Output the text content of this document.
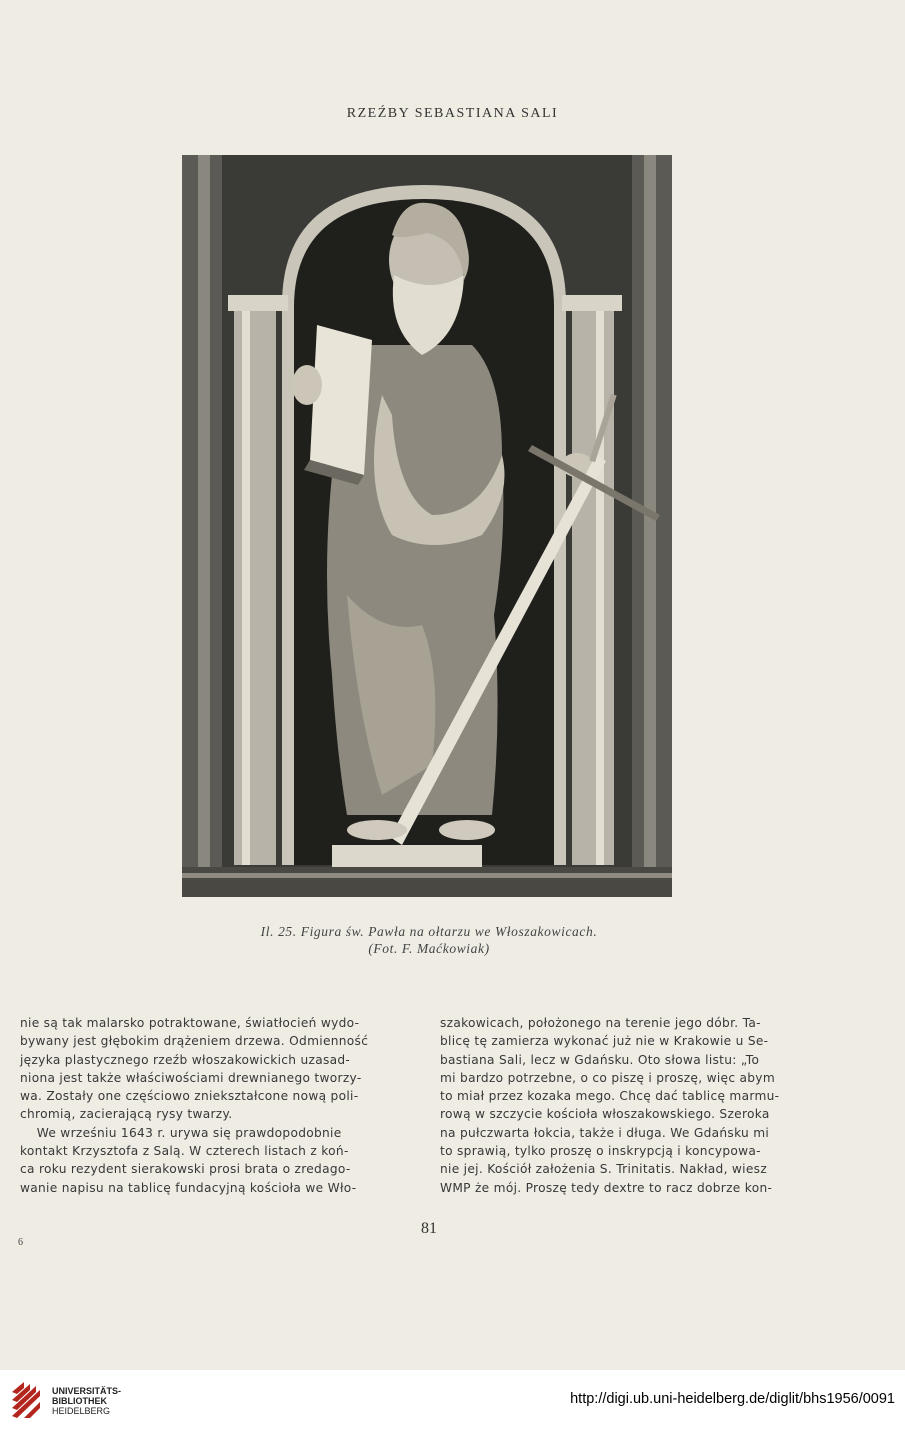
RZEŹBY SEBASTIANA SALI
Il. 25. Figura św. Pawła na ołtarzu we Włoszakowicach.
(Fot. F. Maćkowiak)
nie są tak malarsko potraktowane, światłocień wydo-
bywany jest głębokim drążeniem drzewa. Odmienność
języka plastycznego rzeźb włoszakowickich uzasad-
niona jest także właściwościami drewnianego tworzy-
wa. Zostały one częściowo zniekształcone nową poli-
chromią, zacierającą rysy twarzy.
We wrześniu 1643 r. urywa się prawdopodobnie
kontakt Krzysztofa z Salą. W czterech listach z koń-
ca roku rezydent sierakowski prosi brata o zredago-
wanie napisu na tablicę fundacyjną kościoła we Wło-
szakowicach, położonego na terenie jego dóbr. Ta-
blicę tę zamierza wykonać już nie w Krakowie u Se-
bastiana Sali, lecz w Gdańsku. Oto słowa listu: „To
mi bardzo potrzebne, o co piszę i proszę, więc abym
to miał przez kozaka mego. Chcę dać tablicę marmu-
rową w szczycie kościoła włoszakowskiego. Szeroka
na pułczwarta łokcia, także i długa. We Gdańsku mi
to sprawią, tylko proszę o inskrypcją i koncypowa-
nie jej. Kościół założenia S. Trinitatis. Nakład, wiesz
WMP że mój. Proszę tedy dextre to racz dobrze kon-
81
6
UNIVERSITÄTS-
BIBLIOTHEK
HEIDELBERG
http://digi.ub.uni-heidelberg.de/diglit/bhs1956/0091
